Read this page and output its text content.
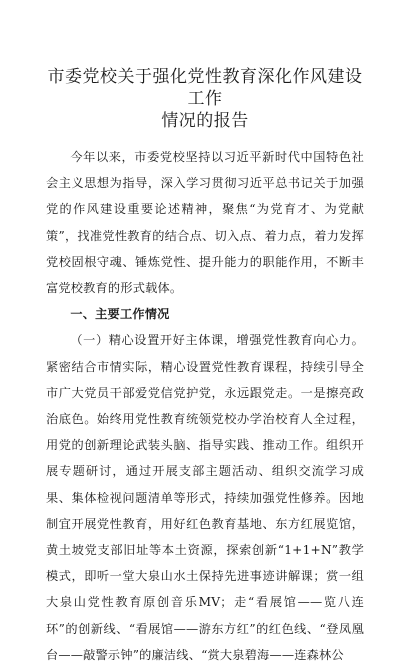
市委党校关于强化党性教育深化作风建设工作
情况的报告

今年以来，市委党校坚持以习近平新时代中国特色社会主义思想为指导，深入学习贯彻习近平总书记关于加强党的作风建设重要论述精神，聚焦“为党育才、为党献策”，找准党性教育的结合点、切入点、着力点，着力发挥党校固根守魂、锤炼党性、提升能力的职能作用，不断丰富党校教育的形式载体。

一、主要工作情况

（一）精心设置开好主体课，增强党性教育向心力。紧密结合市情实际，精心设置党性教育课程，持续引导全市广大党员干部爱党信党护党，永远跟党走。一是擦亮政治底色。始终用党性教育统领党校办学治校育人全过程，用党的创新理论武装头脑、指导实践、推动工作。组织开展专题研讨，通过开展支部主题活动、组织交流学习成果、集体检视问题清单等形式，持续加强党性修养。因地制宜开展党性教育，用好红色教育基地、东方红展览馆，黄土坡党支部旧址等本土资源，探索创新“1+1+N”教学模式，即听一堂大泉山水土保持先进事迹讲解课；赏一组大泉山党性教育原创音乐MV；走“看展馆——览八连环”的创新线、“看展馆——游东方红”的红色线、“登凤凰台——敲警示钟”的廉洁线、“赏大泉碧海——连森林公
